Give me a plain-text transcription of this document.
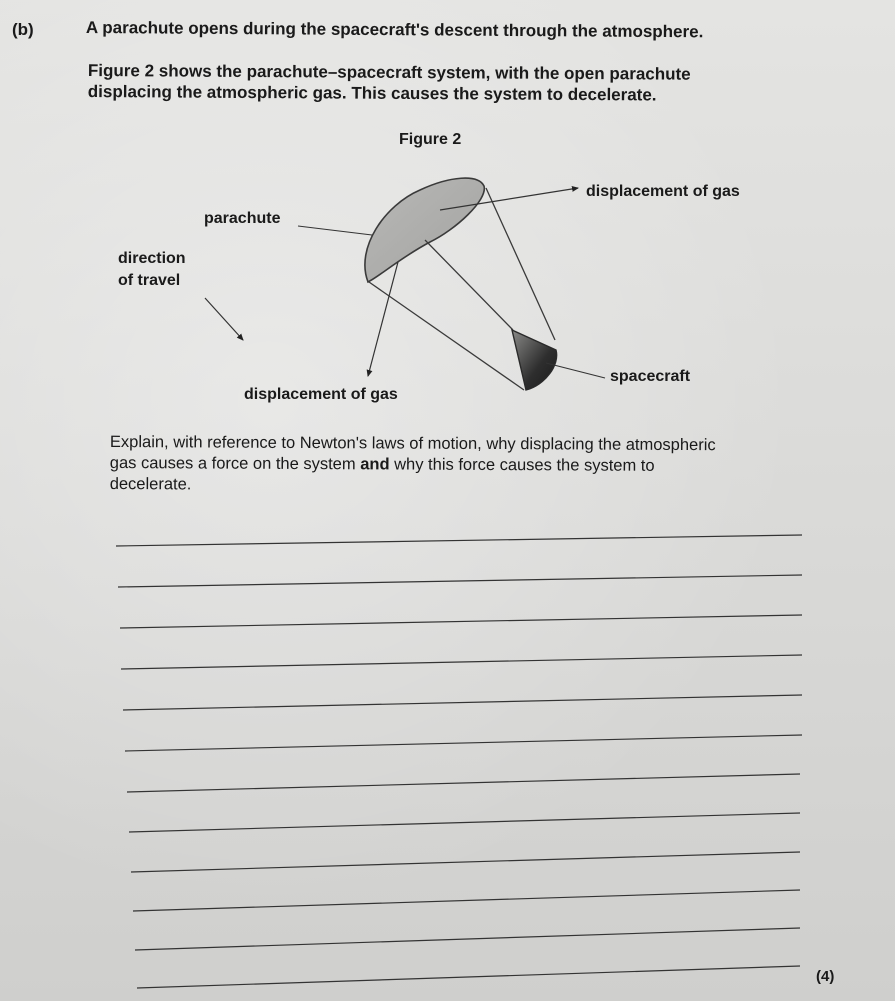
(b)	A parachute opens during the spacecraft's descent through the atmosphere.
Figure 2 shows the parachute–spacecraft system, with the open parachute
displacing the atmospheric gas. This causes the system to decelerate.
Figure 2
displacement of gas
parachute
direction
of travel
spacecraft
displacement of gas
Explain, with reference to Newton's laws of motion, why displacing the atmospheric
gas causes a force on the system and why this force causes the system to
decelerate.
(4)
